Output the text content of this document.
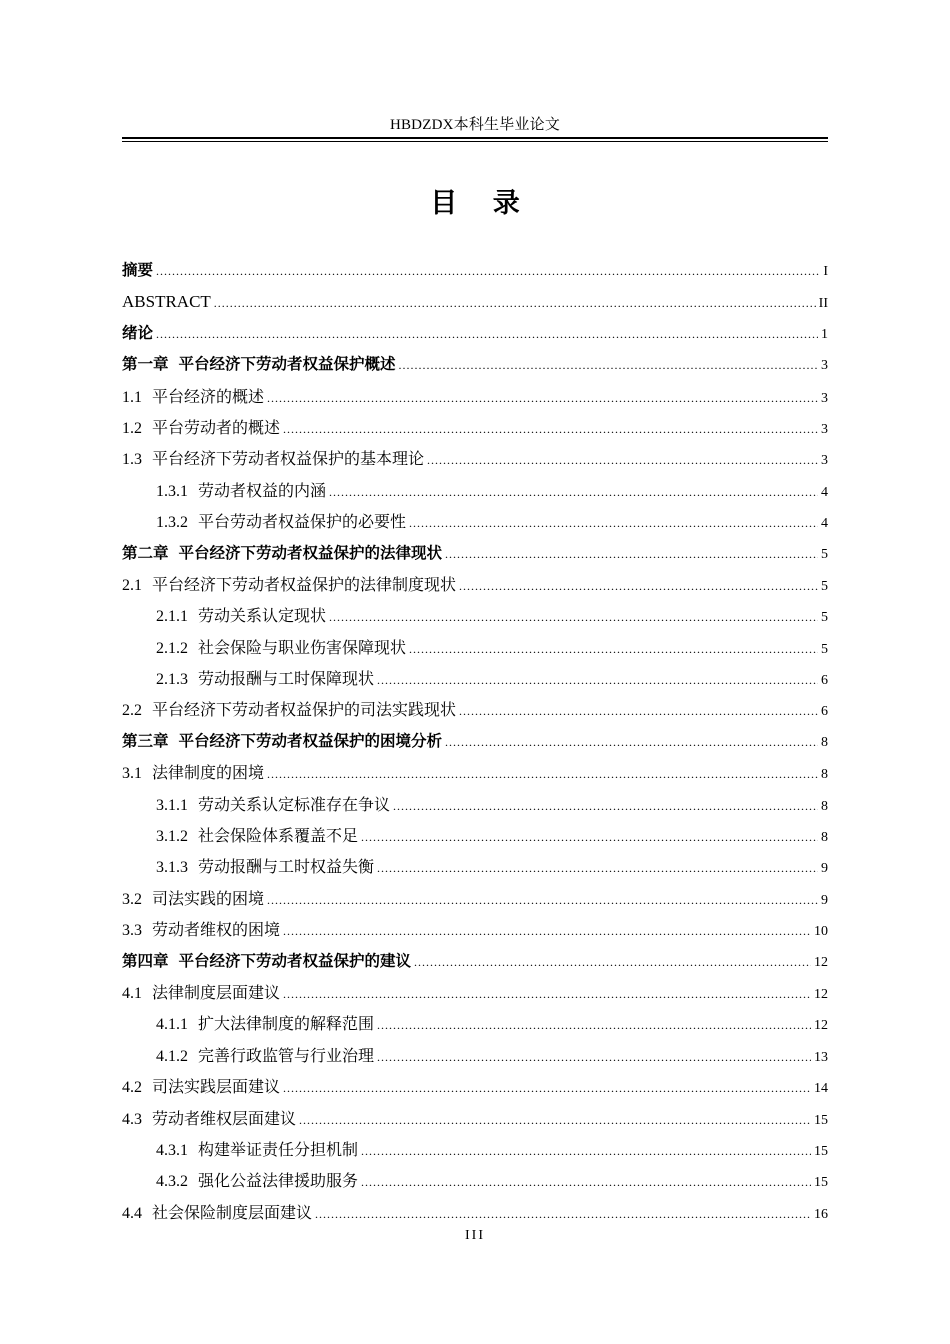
HBDZDX本科生毕业论文
目 录
摘要 .....	I
ABSTRACT .....	II
绪论 .....	1
第一章 平台经济下劳动者权益保护概述 .....	3
1.1 平台经济的概述 .....	3
1.2 平台劳动者的概述 .....	3
1.3 平台经济下劳动者权益保护的基本理论 .....	3
1.3.1 劳动者权益的内涵 .....	4
1.3.2 平台劳动者权益保护的必要性 .....	4
第二章 平台经济下劳动者权益保护的法律现状 .....	5
2.1 平台经济下劳动者权益保护的法律制度现状 .....	5
2.1.1 劳动关系认定现状 .....	5
2.1.2 社会保险与职业伤害保障现状 .....	5
2.1.3 劳动报酬与工时保障现状 .....	6
2.2 平台经济下劳动者权益保护的司法实践现状 .....	6
第三章 平台经济下劳动者权益保护的困境分析 .....	8
3.1 法律制度的困境 .....	8
3.1.1 劳动关系认定标准存在争议 .....	8
3.1.2 社会保险体系覆盖不足 .....	8
3.1.3 劳动报酬与工时权益失衡 .....	9
3.2 司法实践的困境 .....	9
3.3 劳动者维权的困境 .....	10
第四章 平台经济下劳动者权益保护的建议 .....	12
4.1 法律制度层面建议 .....	12
4.1.1 扩大法律制度的解释范围 .....	12
4.1.2 完善行政监管与行业治理 .....	13
4.2 司法实践层面建议 .....	14
4.3 劳动者维权层面建议 .....	15
4.3.1 构建举证责任分担机制 .....	15
4.3.2 强化公益法律援助服务 .....	15
4.4 社会保险制度层面建议 .....	16
III
